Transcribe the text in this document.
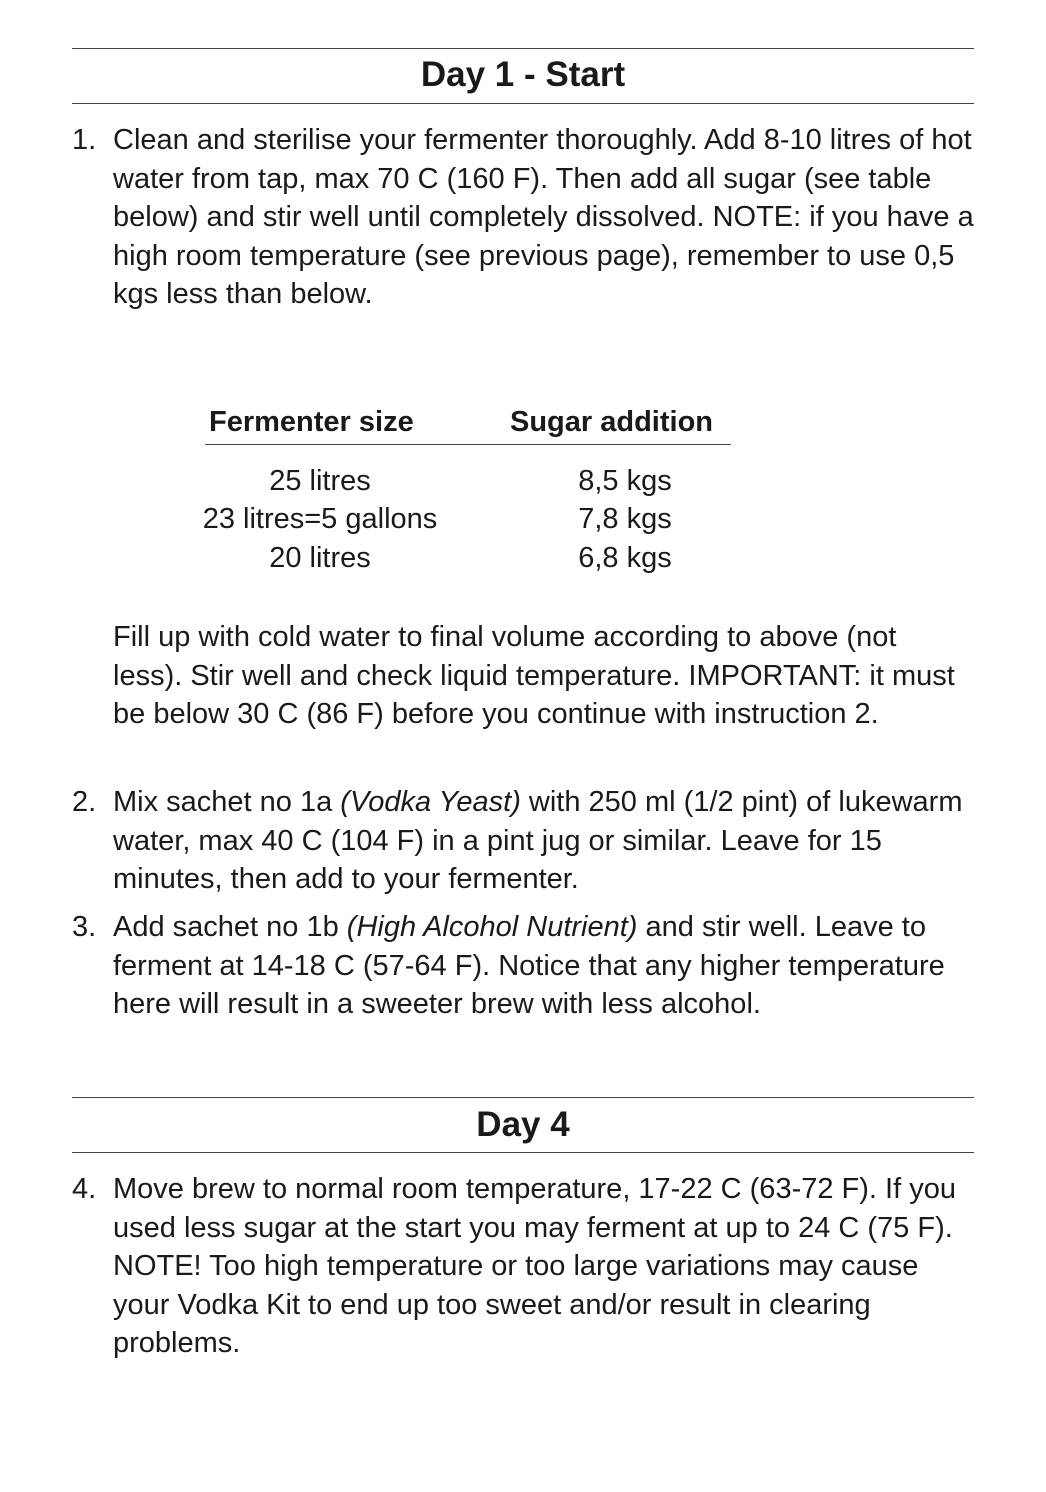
Day 1 - Start
1. Clean and sterilise your fermenter thoroughly. Add 8-10 litres of hot water from tap, max 70 C (160 F). Then add all sugar (see table below) and stir well until completely dissolved. NOTE: if you have a high room temperature (see previous page), remember to use 0,5 kgs less than below.
Fermenter size	Sugar addition
25 litres	8,5 kgs
23 litres=5 gallons	7,8 kgs
20 litres	6,8 kgs
Fill up with cold water to final volume according to above (not less). Stir well and check liquid temperature. IMPORTANT: it must be below 30 C (86 F) before you continue with instruction 2.
2. Mix sachet no 1a (Vodka Yeast) with 250 ml (1/2 pint) of lukewarm water, max 40 C (104 F) in a pint jug or similar. Leave for 15 minutes, then add to your fermenter.
3. Add sachet no 1b (High Alcohol Nutrient) and stir well. Leave to ferment at 14-18 C (57-64 F). Notice that any higher temperature here will result in a sweeter brew with less alcohol.
Day 4
4. Move brew to normal room temperature, 17-22 C (63-72 F). If you used less sugar at the start you may ferment at up to 24 C (75 F). NOTE! Too high temperature or too large variations may cause your Vodka Kit to end up too sweet and/or result in clearing problems.
